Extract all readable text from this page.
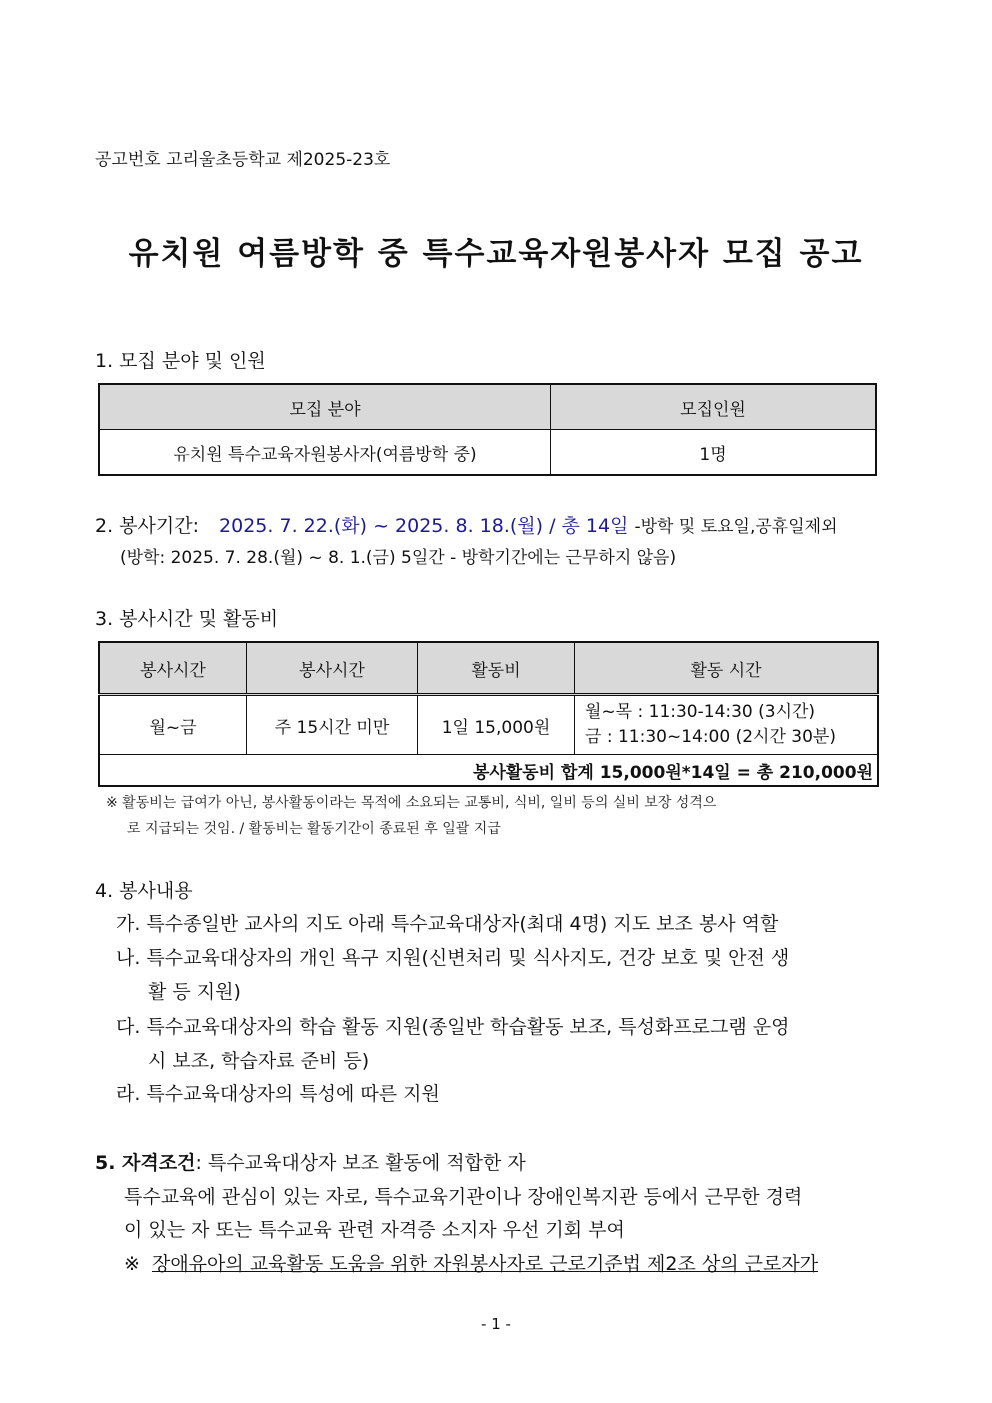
공고번호 고리울초등학교 제2025-23호
유치원 여름방학 중 특수교육자원봉사자 모집 공고
1. 모집 분야 및 인원
모집 분야	모집인원
유치원 특수교육자원봉사자(여름방학 중)	1명
2. 봉사기간: 2025. 7. 22.(화) ~ 2025. 8. 18.(월) / 총 14일 -방학 및 토요일,공휴일제외
(방학: 2025. 7. 28.(월) ~ 8. 1.(금) 5일간 - 방학기간에는 근무하지 않음)
3. 봉사시간 및 활동비
봉사시간	봉사시간	활동비	활동 시간
월~금	주 15시간 미만	1일 15,000원	월~목 : 11:30-14:30 (3시간)
금 : 11:30~14:00 (2시간 30분)

봉사활동비 합계 15,000원*14일 = 총 210,000원			
※ 활동비는 급여가 아닌, 봉사활동이라는 목적에 소요되는 교통비, 식비, 일비 등의 실비 보장 성격으
로 지급되는 것임. / 활동비는 활동기간이 종료된 후 일괄 지급
4. 봉사내용
가. 특수종일반 교사의 지도 아래 특수교육대상자(최대 4명) 지도 보조 봉사 역할
나. 특수교육대상자의 개인 욕구 지원(신변처리 및 식사지도, 건강 보호 및 안전 생
활 등 지원)
다. 특수교육대상자의 학습 활동 지원(종일반 학습활동 보조, 특성화프로그램 운영
시 보조, 학습자료 준비 등)
라. 특수교육대상자의 특성에 따른 지원
5. 자격조건: 특수교육대상자 보조 활동에 적합한 자
특수교육에 관심이 있는 자로, 특수교육기관이나 장애인복지관 등에서 근무한 경력
이 있는 자 또는 특수교육 관련 자격증 소지자 우선 기회 부여
※ 장애유아의 교육활동 도움을 위한 자원봉사자로 근로기준법 제2조 상의 근로자가
- 1 -
